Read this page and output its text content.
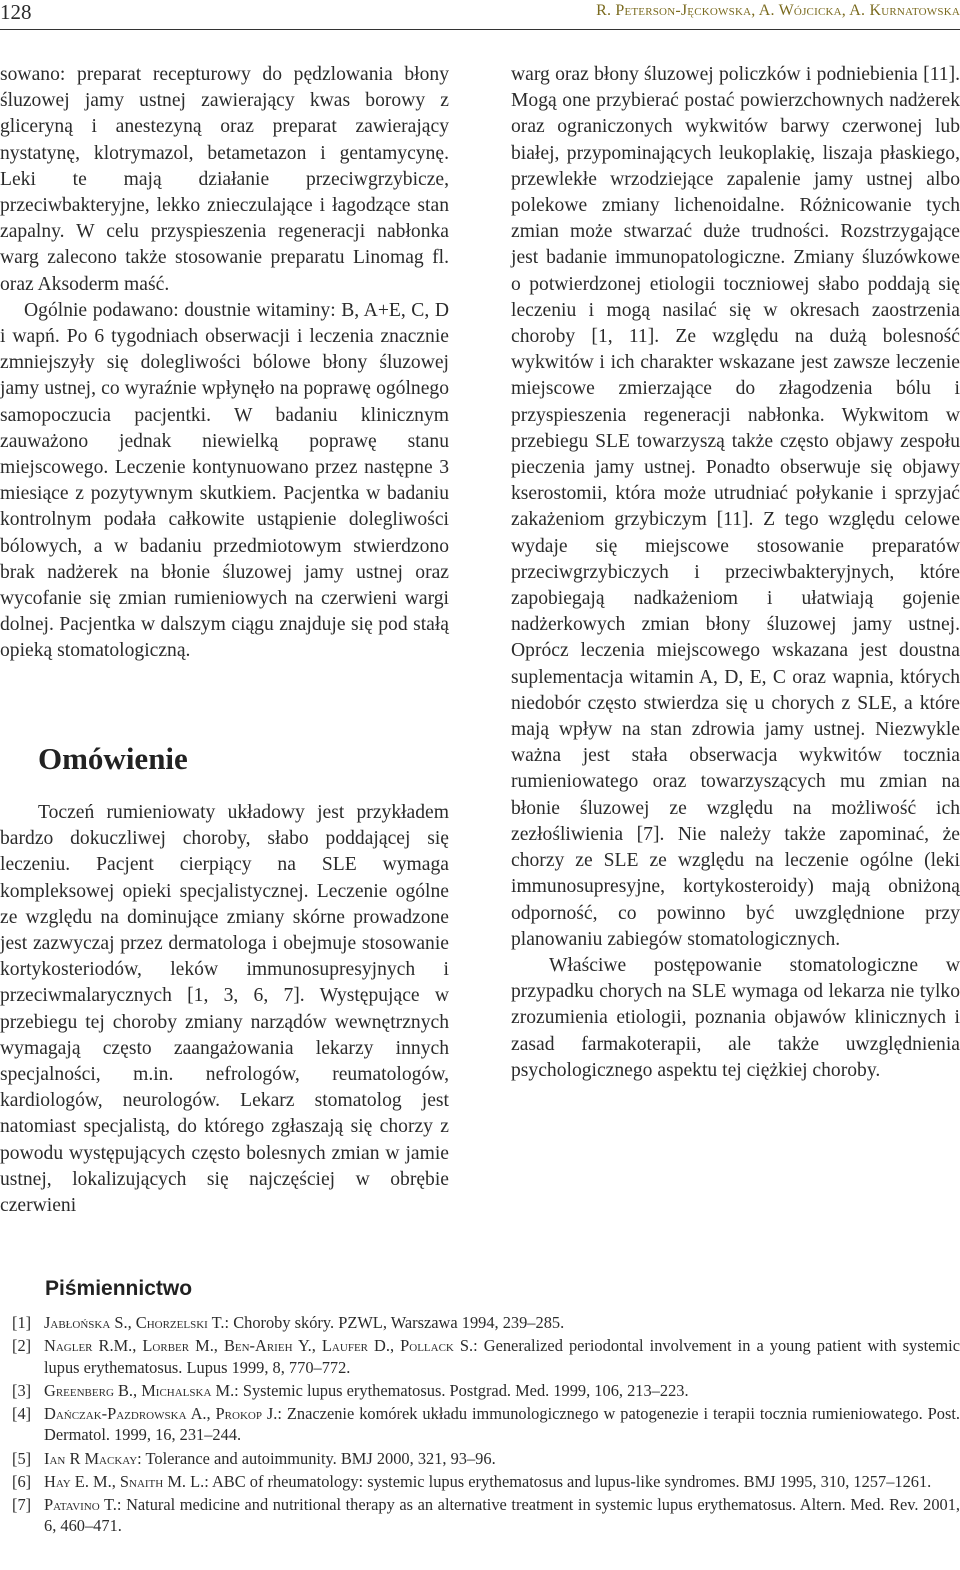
128	R. Peterson-Jęckowska, A. Wójcicka, A. Kurnatowska

sowano: preparat recepturowy do pędzlowania błony śluzowej jamy ustnej zawierający kwas borowy z gliceryną i anestezyną oraz preparat zawierający nystatynę, klotrymazol, betametazon i gentamycynę. Leki te mają działanie przeciwgrzybicze, przeciwbakteryjne, lekko znieczulające i łagodzące stan zapalny. W celu przyspieszenia regeneracji nabłonka warg zalecono także stosowanie preparatu Linomag fl. oraz Aksoderm maść.

Ogólnie podawano: doustnie witaminy: B, A+E, C, D i wapń. Po 6 tygodniach obserwacji i leczenia znacznie zmniejszyły się dolegliwości bólowe błony śluzowej jamy ustnej, co wyraźnie wpłynęło na poprawę ogólnego samopoczucia pacjentki. W badaniu klinicznym zauważono jednak niewielką poprawę stanu miejscowego. Leczenie kontynuowano przez następne 3 miesiące z pozytywnym skutkiem. Pacjentka w badaniu kontrolnym podała całkowite ustąpienie dolegliwości bólowych, a w badaniu przedmiotowym stwierdzono brak nadżerek na błonie śluzowej jamy ustnej oraz wycofanie się zmian rumieniowych na czerwieni wargi dolnej. Pacjentka w dalszym ciągu znajduje się pod stałą opieką stomatologiczną.

Omówienie

Toczeń rumieniowaty układowy jest przykładem bardzo dokuczliwej choroby, słabo poddającej się leczeniu. Pacjent cierpiący na SLE wymaga kompleksowej opieki specjalistycznej. Leczenie ogólne ze względu na dominujące zmiany skórne prowadzone jest zazwyczaj przez dermatologa i obejmuje stosowanie kortykosteriodów, leków immunosupresyjnych i przeciwmalarycznych [1, 3, 6, 7]. Występujące w przebiegu tej choroby zmiany narządów wewnętrznych wymagają często zaangażowania lekarzy innych specjalności, m.in. nefrologów, reumatologów, kardiologów, neurologów. Lekarz stomatolog jest natomiast specjalistą, do którego zgłaszają się chorzy z powodu występujących często bolesnych zmian w jamie ustnej, lokalizujących się najczęściej w obrębie czerwieni

warg oraz błony śluzowej policzków i podniebienia [11]. Mogą one przybierać postać powierzchownych nadżerek oraz ograniczonych wykwitów barwy czerwonej lub białej, przypominających leukoplakię, liszaja płaskiego, przewlekłe wrzodziejące zapalenie jamy ustnej albo polekowe zmiany lichenoidalne. Różnicowanie tych zmian może stwarzać duże trudności. Rozstrzygające jest badanie immunopatologiczne. Zmiany śluzówkowe o potwierdzonej etiologii toczniowej słabo poddają się leczeniu i mogą nasilać się w okresach zaostrzenia choroby [1, 11]. Ze względu na dużą bolesność wykwitów i ich charakter wskazane jest zawsze leczenie miejscowe zmierzające do złagodzenia bólu i przyspieszenia regeneracji nabłonka. Wykwitom w przebiegu SLE towarzyszą także często objawy zespołu pieczenia jamy ustnej. Ponadto obserwuje się objawy kserostomii, która może utrudniać połykanie i sprzyjać zakażeniom grzybiczym [11]. Z tego względu celowe wydaje się miejscowe stosowanie preparatów przeciwgrzybiczych i przeciwbakteryjnych, które zapobiegają nadkażeniom i ułatwiają gojenie nadżerkowych zmian błony śluzowej jamy ustnej. Oprócz leczenia miejscowego wskazana jest doustna suplementacja witamin A, D, E, C oraz wapnia, których niedobór często stwierdza się u chorych z SLE, a które mają wpływ na stan zdrowia jamy ustnej. Niezwykle ważna jest stała obserwacja wykwitów tocznia rumieniowatego oraz towarzyszących mu zmian na błonie śluzowej ze względu na możliwość ich zezłośliwienia [7]. Nie należy także zapominać, że chorzy ze SLE ze względu na leczenie ogólne (leki immunosupresyjne, kortykosteroidy) mają obniżoną odporność, co powinno być uwzględnione przy planowaniu zabiegów stomatologicznych.

Właściwe postępowanie stomatologiczne w przypadku chorych na SLE wymaga od lekarza nie tylko zrozumienia etiologii, poznania objawów klinicznych i zasad farmakoterapii, ale także uwzględnienia psychologicznego aspektu tej ciężkiej choroby.

Piśmiennictwo
[1] Jabłońska S., Chorzelski T.: Choroby skóry. PZWL, Warszawa 1994, 239–285.
[2] Nagler R.M., Lorber M., Ben-Arieh Y., Laufer D., Pollack S.: Generalized periodontal involvement in a young patient with systemic lupus erythematosus. Lupus 1999, 8, 770–772.
[3] Greenberg B., Michalska M.: Systemic lupus erythematosus. Postgrad. Med. 1999, 106, 213–223.
[4] Dańczak-Pazdrowska A., Prokop J.: Znaczenie komórek układu immunologicznego w patogenezie i terapii tocznia rumieniowatego. Post. Dermatol. 1999, 16, 231–244.
[5] Ian R Mackay: Tolerance and autoimmunity. BMJ 2000, 321, 93–96.
[6] Hay E. M., Snaith M. L.: ABC of rheumatology: systemic lupus erythematosus and lupus-like syndromes. BMJ 1995, 310, 1257–1261.
[7] Patavino T.: Natural medicine and nutritional therapy as an alternative treatment in systemic lupus erythematosus. Altern. Med. Rev. 2001, 6, 460–471.
